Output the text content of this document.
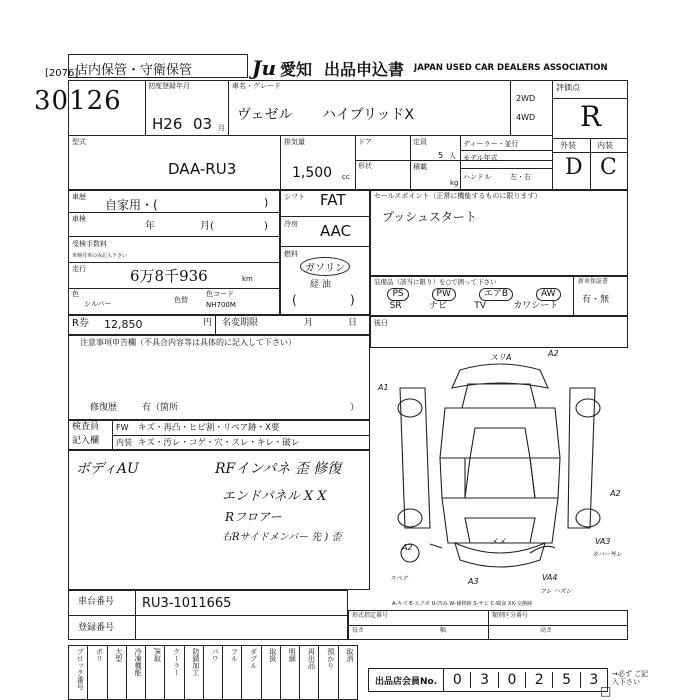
店内保管・守衛保管
[2076]
30126
Ju 愛知 出品申込書 JAPAN USED CAR DEALERS ASSOCIATION
初度登録年月
H26 03 月
車名・グレード
ヴェゼル ハイブリッドX
2WD
4WD
評価点
R
外装	内装
D C
型式
DAA-RU3
排気量
1,500 cc
ドア
形状
定員
5 人
積載
kg
ディーラー・並行
モデル年式
ハンドル	左・右
車歴
自家用・(	)
車検
年	月(	)
受検手数料
車検付車のみ記入下さい
走行	6万8千936	km
色
シルバー	色替
色コード
NH700M
シフト FAT
冷房 AAC
燃料
ガソリン
経 油
(	)
セールスポイント（正常に機能するものに限ります）
プッシュスタート
装備品（該当に限り）を○で囲って下さい
PS	PW	エアB	AW
SR	ナビ	TV	カワシート
新車保証書
有・無
R券 12,850	円 名変期限	月	日 後日
注意事項申告欄（不具合内容等は具体的に記入して下さい）
修復歴	有（箇所	）
検査員
記入欄
FW キズ・再凸・ヒビ割・リペア跡・X要
内装 キズ・汚レ・コゲ・穴・スレ・キレ・破レ
ボディAU	RFインパネ 歪 修復
エンドパネル X X
Rフロアー
右Rサイドメンバー 先 ) 歪
スリA
A1
A2
A2
A2
メメ
A3
VA3
カバー外レ
VA4
フレ ハズレ
スペア
A-キズ E-エクボ U-凹み W-補修跡 S-サビ C-腐食 XX-交換跡
車台番号 RU3-1011665
登録番号
形式指定番号	類別区分番号
長さ	幅	高さ
ブロック番号	ポリ	大型	冷凍機能	JK取	クーラー	防錆加工	パワ	フル	ダブル	取扱	明細	再出品	預かり	取消
出品店会員No.	0	3	0	2	5	3	→必ず ご記入下さい
□
